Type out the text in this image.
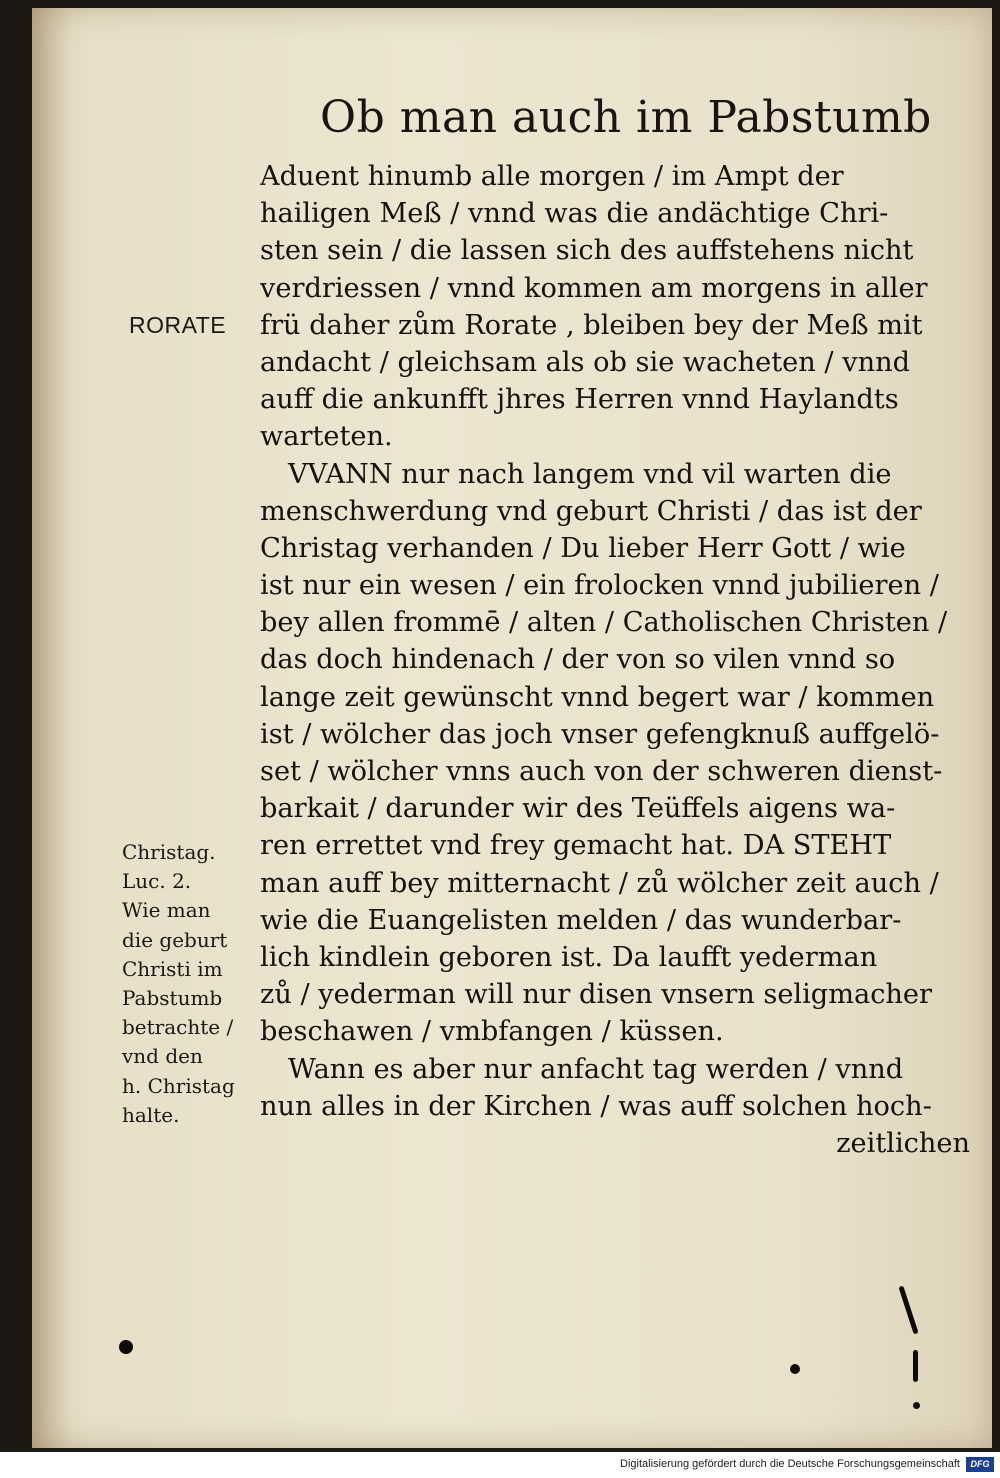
Ob man auch im Pabstumb
Aduent hinumb alle morgen / im Ampt der
hailigen Meß / vnnd was die andächtige Chri-
sten sein / die lassen sich des auffstehens nicht
verdriessen / vnnd kommen am morgens in aller
frü daher zům Rorate , bleiben bey der Meß mit
andacht / gleichsam als ob sie wacheten / vnnd
auff die ankunfft jhres Herren vnnd Haylandts
warteten.
VVANN nur nach langem vnd vil warten die
menschwerdung vnd geburt Christi / das ist der
Christag verhanden / Du lieber Herr Gott / wie
ist nur ein wesen / ein frolocken vnnd jubilieren /
bey allen frommē / alten / Catholischen Christen /
das doch hindenach / der von so vilen vnnd so
lange zeit gewünscht vnnd begert war / kommen
ist / wölcher das joch vnser gefengknuß auffgelö-
set / wölcher vnns auch von der schweren dienst-
barkait / darunder wir des Teüffels aigens wa-
ren errettet vnd frey gemacht hat. DA STEHT
man auff bey mitternacht / zů wölcher zeit auch /
wie die Euangelisten melden / das wunderbar-
lich kindlein geboren ist. Da laufft yederman
zů / yederman will nur disen vnsern seligmacher
beschawen / vmbfangen / küssen.
Wann es aber nur anfacht tag werden / vnnd
nun alles in der Kirchen / was auff solchen hoch-
zeitlichen
RORATE
Christag.
Luc. 2.
Wie man
die geburt
Christi im
Pabstumb
betrachte /
vnd den
h. Christag
halte.
Digitalisierung gefördert durch die Deutsche Forschungsgemeinschaft	DFG
